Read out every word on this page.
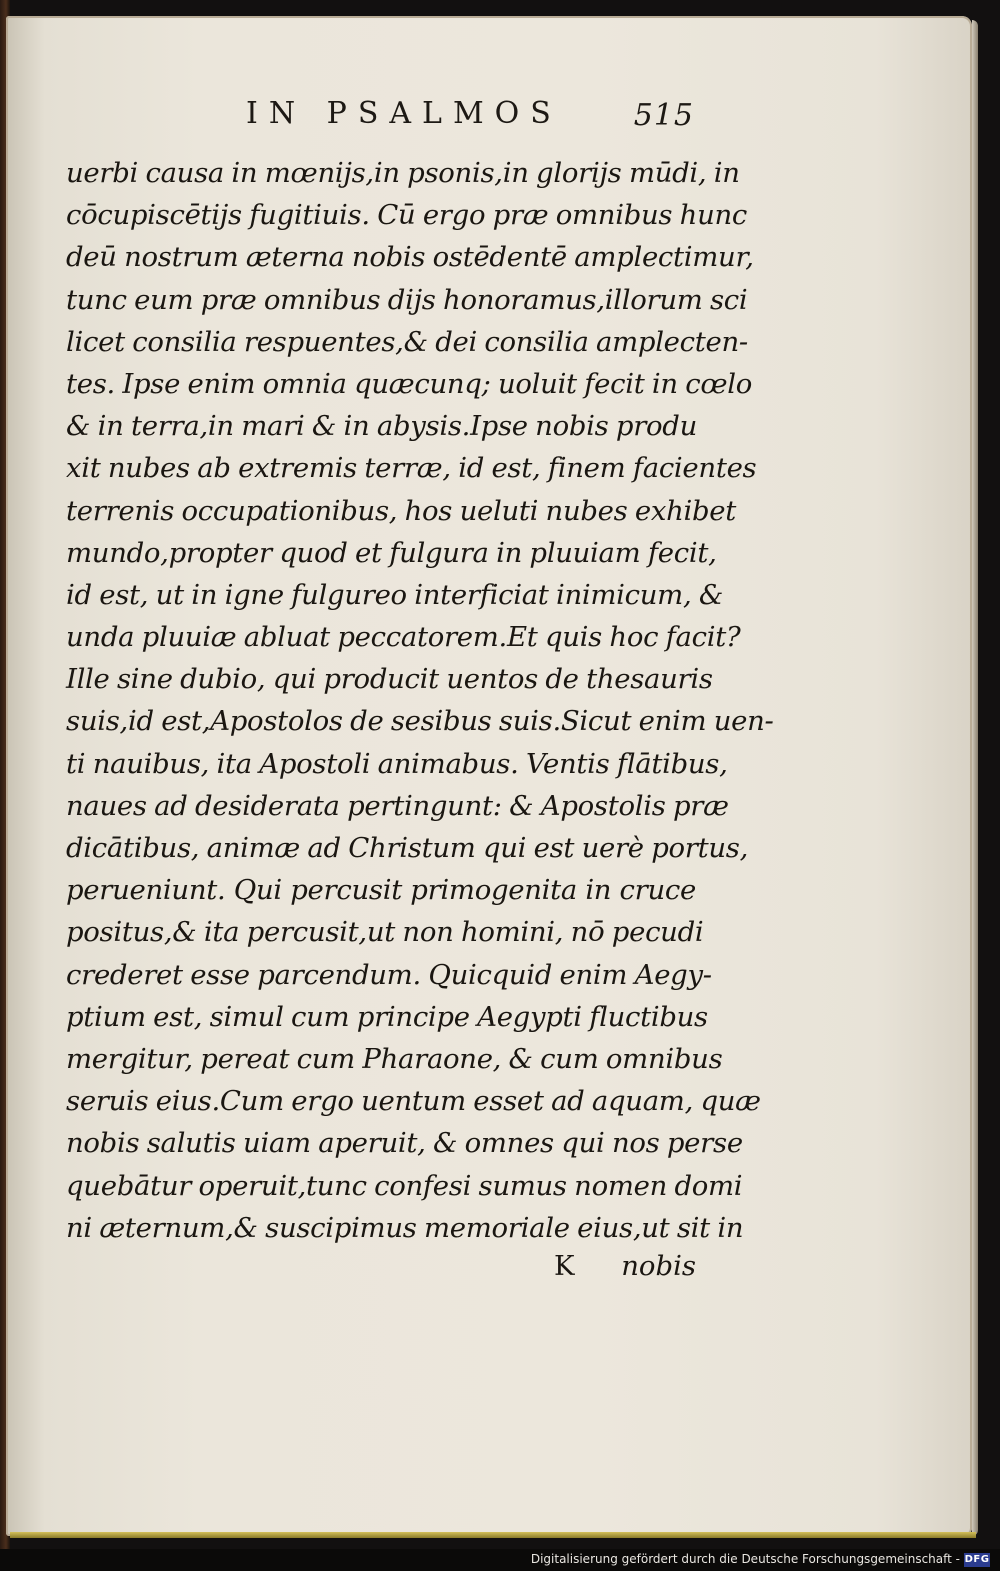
IN PSALMOS 515
uerbi causa in mœnijs,in psonis,in glorijs mūdi, in
cōcupiscētijs fugitiuis. Cū ergo præ omnibus hunc
deū nostrum æterna nobis ostēdentē amplectimur,
tunc eum præ omnibus dijs honoramus,illorum sci
licet consilia respuentes,& dei consilia amplecten-
tes. Ipse enim omnia quæcunq; uoluit fecit in cœlo
& in terra,in mari & in abysis.Ipse nobis produ
xit nubes ab extremis terræ, id est, finem facientes
terrenis occupationibus, hos ueluti nubes exhibet
mundo,propter quod et fulgura in pluuiam fecit,
id est, ut in igne fulgureo interficiat inimicum, &
unda pluuiæ abluat peccatorem.Et quis hoc facit?
Ille sine dubio, qui producit uentos de thesauris
suis,id est,Apostolos de sesibus suis.Sicut enim uen-
ti nauibus, ita Apostoli animabus. Ventis flātibus,
naues ad desiderata pertingunt: & Apostolis præ
dicātibus, animæ ad Christum qui est uerè portus,
perueniunt. Qui percusit primogenita in cruce
positus,& ita percusit,ut non homini, nō pecudi
crederet esse parcendum. Quicquid enim Aegy-
ptium est, simul cum principe Aegypti fluctibus
mergitur, pereat cum Pharaone, & cum omnibus
seruis eius.Cum ergo uentum esset ad aquam, quæ
nobis salutis uiam aperuit, & omnes qui nos perse
quebātur operuit,tunc confesi sumus nomen domi
ni æternum,& suscipimus memoriale eius,ut sit in
K nobis
Digitalisierung gefördert durch die Deutsche Forschungsgemeinschaft - DFG
